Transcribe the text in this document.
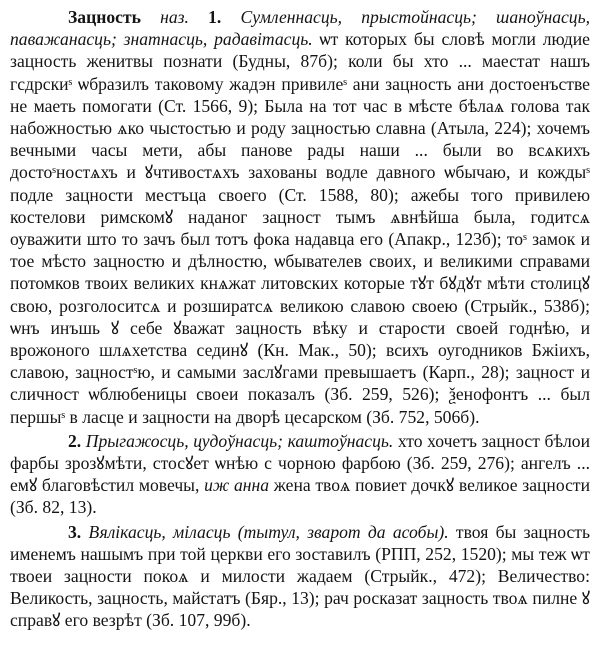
Зацность наз. 1. Сумленнасць, прыстойнасць; шаноўнасць, паважанасць; знатнасць, радавітасць. ѡт которых бы словѣ могли людие зацность женитвы познати (Будны, 87б); коли бы хто ... маестат нашъ гсдрскиˢ ѡбразилъ таковому жадэн привилеˢ ани зацность ани достоенъстве не маеть помогати (Ст. 1566, 9); Была на тот час в мѣсте бѣлаѧ голова так набожностью ѧко чыстостью и роду зацностью славна (Атыла, 224); хочемъ вечными часы мети, абы панове рады наши ... были во всѧкихъ достоˢностѧхъ и ꙋчтивостѧхъ захованы водле давного ѡбычаю, и кождыˢ подле зацности местъца своего (Ст. 1588, 80); ажебы того привилею костелови римскомꙋ наданог зацност тымъ ѧвнѣйша была, годитсѧ оуважити што то зачъ был тотъ фока надавца его (Апакр., 123б); тоˢ замок и тое мѣсто зацностю и дѣлностю, ѡбывателев своих, и великими справами потомков твоих великих кнѧжат литовских которые тꙋт бꙋдꙋт мѣти столицꙋ свою, розголоситсѧ и розширатсѧ великою славою своею (Стрыйк., 538б); ѡнъ инъшь ꙋ себе ꙋважат зацность вѣку и старости своей годнѣю, и врожоного шлѧхетства сединꙋ (Кн. Мак., 50); всихъ оугодников Бжіихъ, славою, зацностˢю, и самыми заслꙋгами превышаетъ (Карп., 28); зацност и сличност ѡблюбеницы своеи показалъ (Зб. 259, 526); ѯенофонтъ ... был першыˢ в ласце и зацности на дворѣ цесарском (Зб. 752, 506б).

2. Прыгажосць, цудоўнасць; каштоўнасць. хто хочетъ зацност бѣлои фарбы зрозꙋмѣти, стосꙋет ѡнѣю с чорною фарбою (Зб. 259, 276); ангелъ ... емꙋ благовѣстил мовечы, иж анна жена твоѧ повиет дочкꙋ великое зацности (Зб. 82, 13).

3. Вялікасць, міласць (тытул, зварот да асобы). твоя бы зацность именемъ нашымъ при той церкви его зоставилъ (РПП, 252, 1520); мы теж ѡт твоеи зацности покоѧ и милости жадаем (Стрыйк., 472); Величество: Великость, зацность, майстатъ (Бяр., 13); рач росказат зацность твоѧ пилне ꙋ справꙋ его везрѣт (Зб. 107, 99б).
